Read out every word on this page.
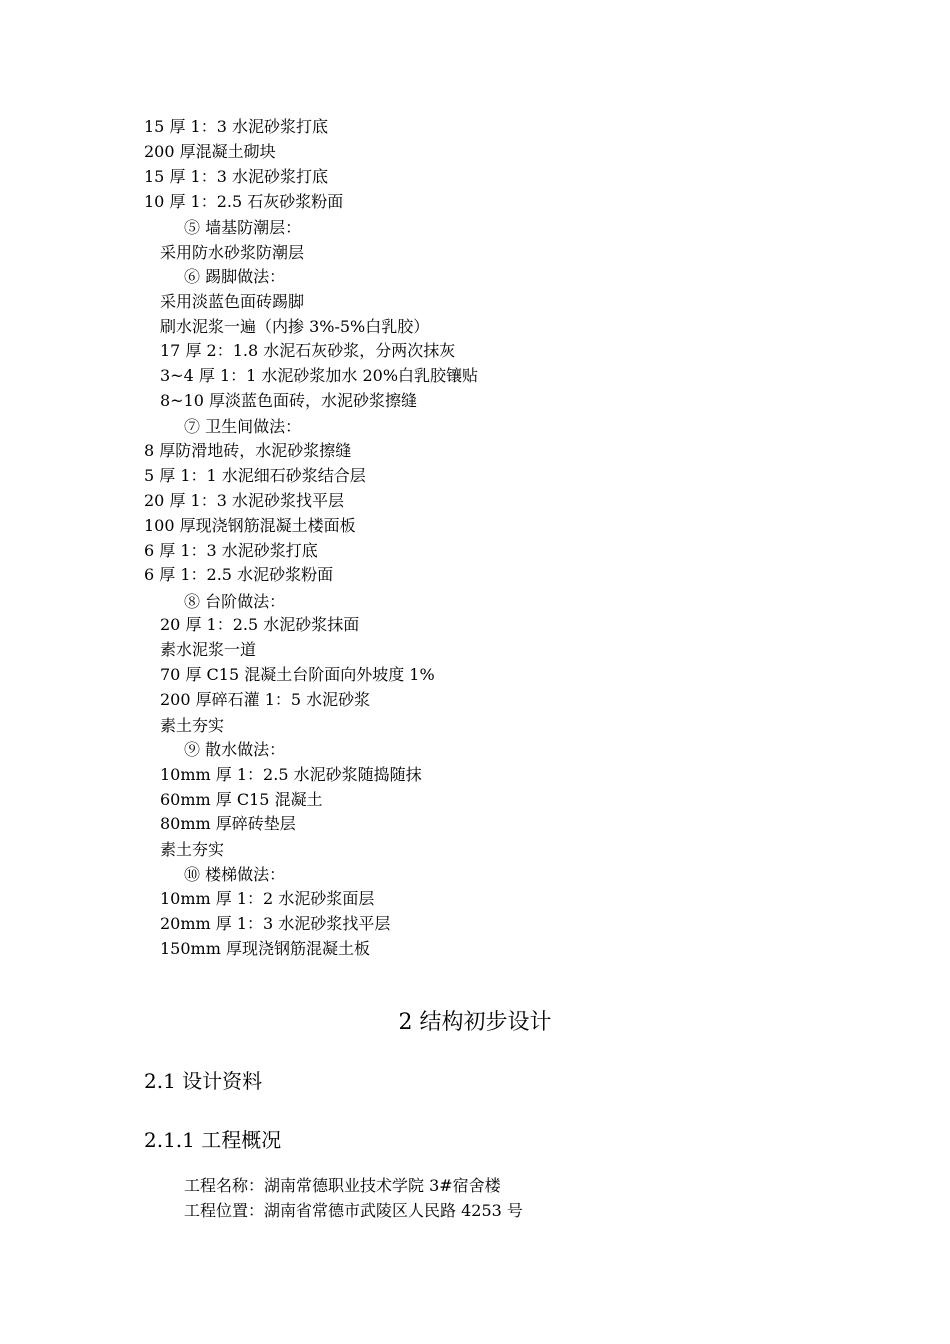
15 厚 1：3 水泥砂浆打底
200 厚混凝土砌块
15 厚 1：3 水泥砂浆打底
10 厚 1：2.5 石灰砂浆粉面
⑤ 墙基防潮层：
采用防水砂浆防潮层
⑥ 踢脚做法：
采用淡蓝色面砖踢脚
刷水泥浆一遍（内掺 3%-5%白乳胶）
17 厚 2：1.8 水泥石灰砂浆，分两次抹灰
3~4 厚 1：1 水泥砂浆加水 20%白乳胶镶贴
8~10 厚淡蓝色面砖，水泥砂浆擦缝
⑦ 卫生间做法：
8 厚防滑地砖，水泥砂浆擦缝
5 厚 1：1 水泥细石砂浆结合层
20 厚 1：3 水泥砂浆找平层
100 厚现浇钢筋混凝土楼面板
6 厚 1：3 水泥砂浆打底
6 厚 1：2.5 水泥砂浆粉面
⑧ 台阶做法：
20 厚 1：2.5 水泥砂浆抹面
素水泥浆一道
70 厚 C15 混凝土台阶面向外坡度 1%
200 厚碎石灌 1：5 水泥砂浆
素土夯实
⑨ 散水做法：
10mm 厚 1：2.5 水泥砂浆随捣随抹
60mm 厚 C15 混凝土
80mm 厚碎砖垫层
素土夯实
⑩ 楼梯做法：
10mm 厚 1：2 水泥砂浆面层
20mm 厚 1：3 水泥砂浆找平层
150mm 厚现浇钢筋混凝土板
2 结构初步设计
2.1 设计资料
2.1.1 工程概况
工程名称：湖南常德职业技术学院 3#宿舍楼
工程位置：湖南省常德市武陵区人民路 4253 号
